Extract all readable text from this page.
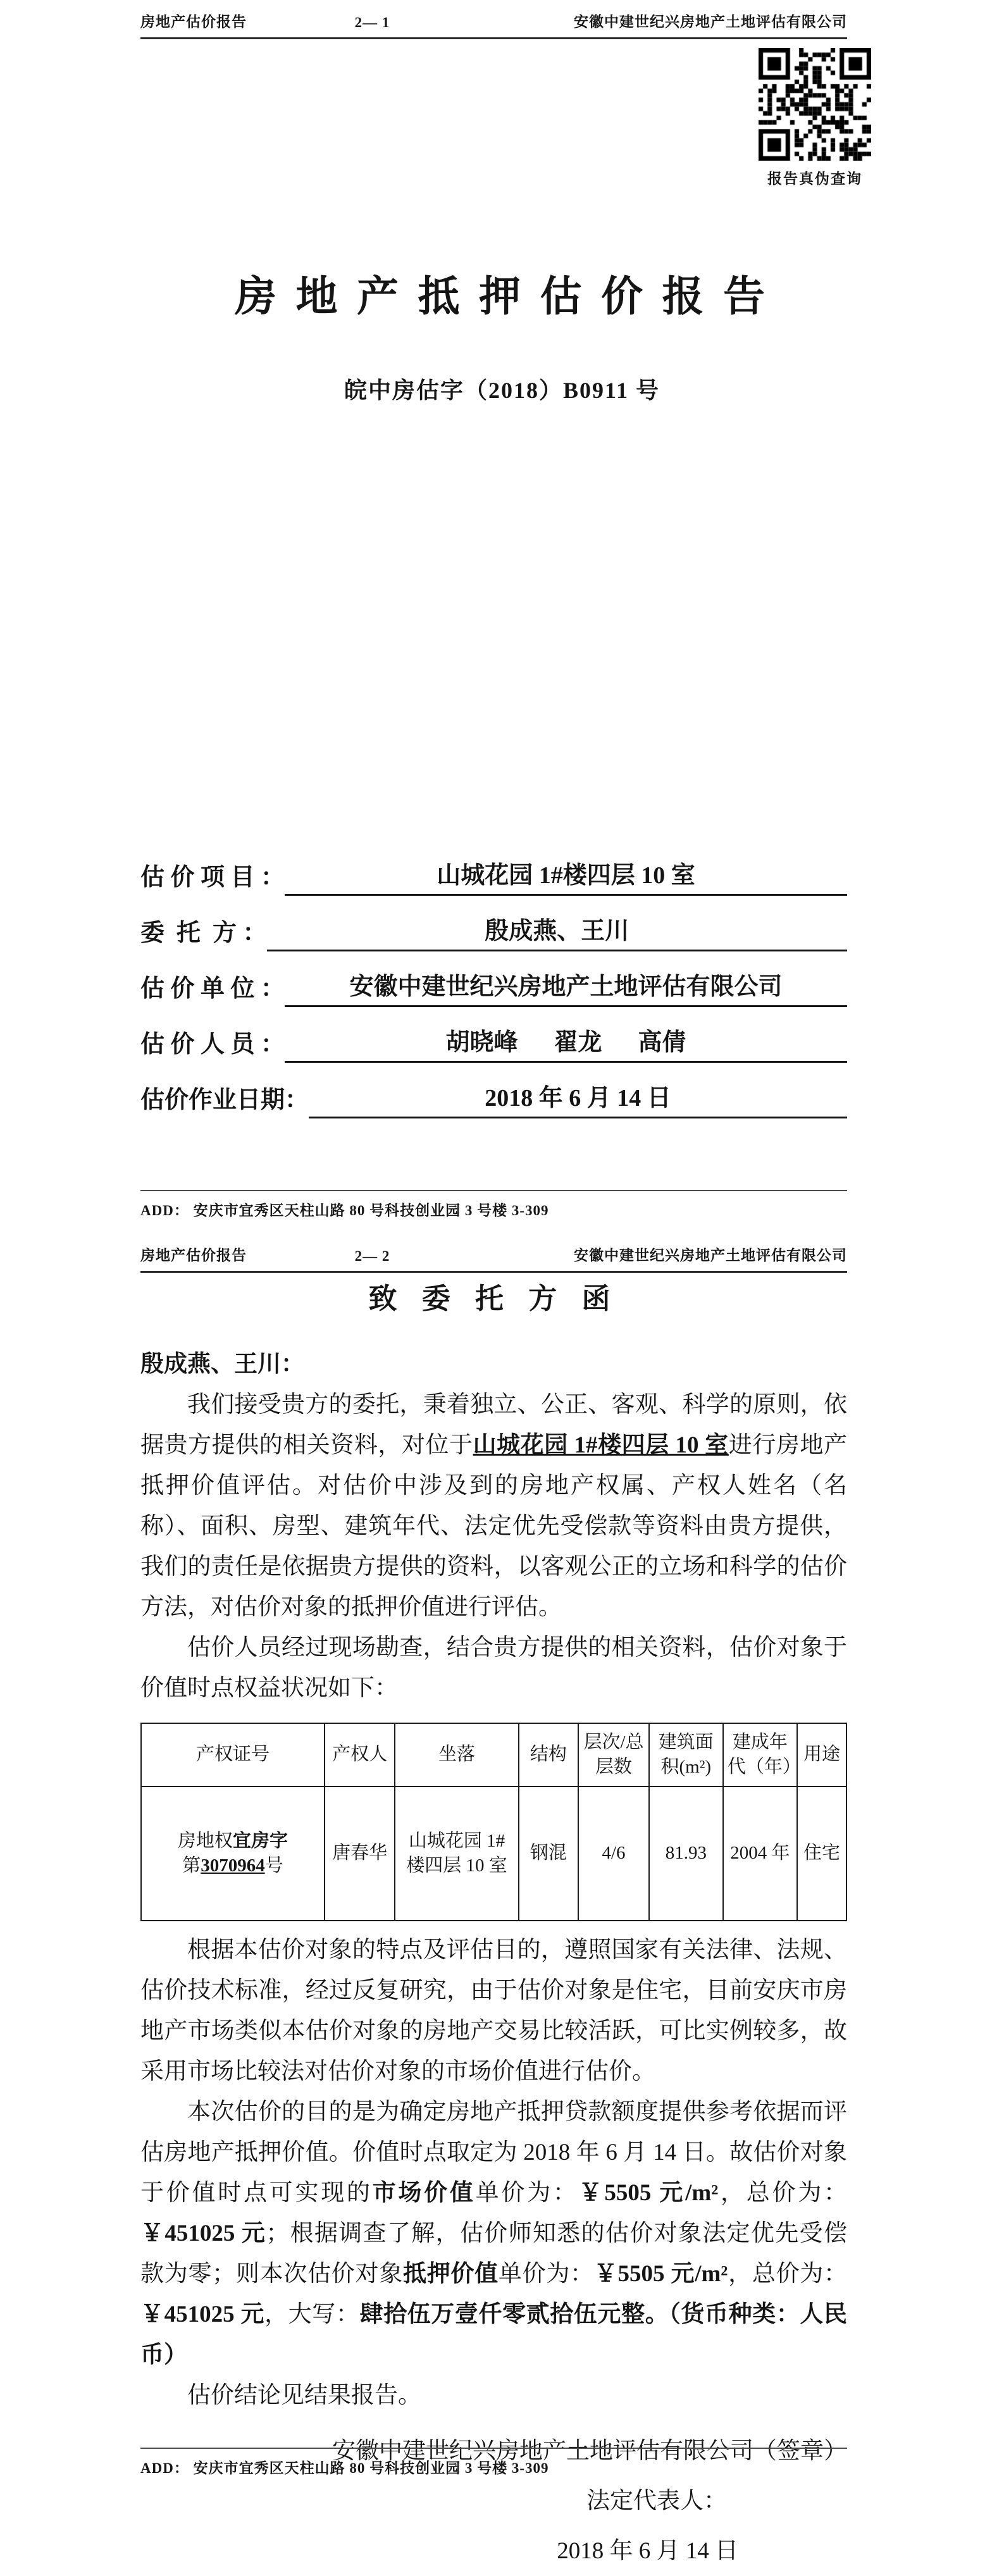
房地产估价报告	2— 1	安徽中建世纪兴房地产土地评估有限公司
报告真伪查询
房 地 产 抵 押 估 价 报 告
皖中房估字（2018）B0911 号
估 价 项 目 ：	山城花园 1#楼四层 10 室
委  托  方 ：	殷成燕、王川
估 价 单 位 ：	安徽中建世纪兴房地产土地评估有限公司
估 价 人 员 ：	胡晓峰      翟龙      高倩
估价作业日期：	2018 年 6 月 14 日
ADD： 安庆市宜秀区天柱山路 80 号科技创业园 3 号楼 3-309
房地产估价报告	2— 2	安徽中建世纪兴房地产土地评估有限公司
致 委 托 方 函
殷成燕、王川：

我们接受贵方的委托，秉着独立、公正、客观、科学的原则，依据贵方提供的相关资料，对位于山城花园 1#楼四层 10 室进行房地产抵押价值评估。对估价中涉及到的房地产权属、产权人姓名（名称）、面积、房型、建筑年代、法定优先受偿款等资料由贵方提供，我们的责任是依据贵方提供的资料，以客观公正的立场和科学的估价方法，对估价对象的抵押价值进行评估。

估价人员经过现场勘查，结合贵方提供的相关资料，估价对象于价值时点权益状况如下：

产权证号	产权人	坐落	结构	层次/总层数	建筑面积(m²)	建成年代（年）	用途
房地权宜房字
第3070964号	唐春华	山城花园 1#楼四层 10 室	钢混	4/6	81.93	2004 年	住宅

根据本估价对象的特点及评估目的，遵照国家有关法律、法规、估价技术标准，经过反复研究，由于估价对象是住宅，目前安庆市房地产市场类似本估价对象的房地产交易比较活跃，可比实例较多，故采用市场比较法对估价对象的市场价值进行估价。

本次估价的目的是为确定房地产抵押贷款额度提供参考依据而评估房地产抵押价值。价值时点取定为 2018 年 6 月 14 日。故估价对象于价值时点可实现的市场价值单价为：￥5505 元/m²，总价为：￥451025 元；根据调查了解，估价师知悉的估价对象法定优先受偿款为零；则本次估价对象抵押价值单价为：￥5505 元/m²，总价为：￥451025 元，大写：肆拾伍万壹仟零贰拾伍元整。（货币种类：人民币）

估价结论见结果报告。

安徽中建世纪兴房地产土地评估有限公司（签章）
法定代表人：
2018 年 6 月 14 日
ADD： 安庆市宜秀区天柱山路 80 号科技创业园 3 号楼 3-309
